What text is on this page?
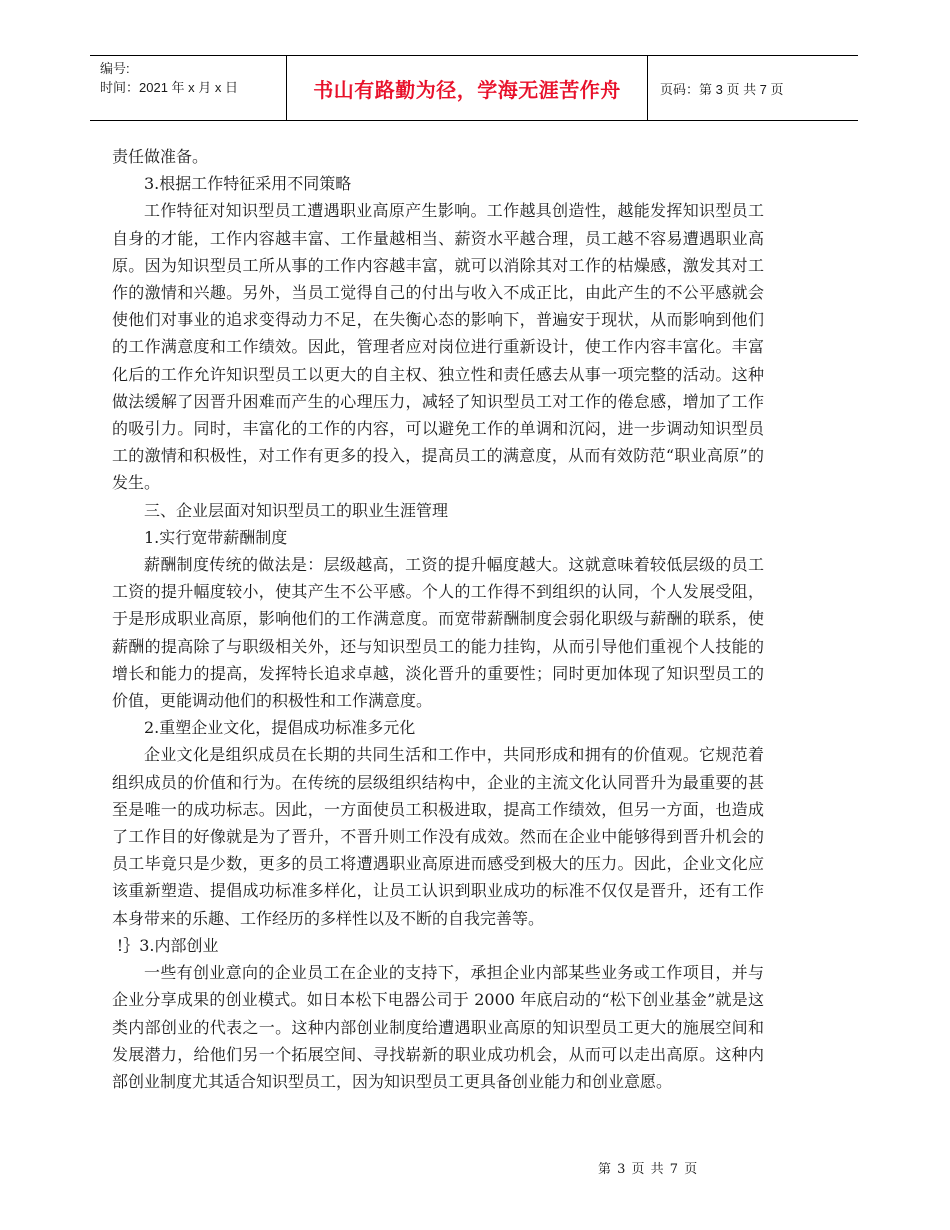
编号:
时间：2021 年 x 月 x 日	书山有路勤为径，学海无涯苦作舟	页码：第 3 页 共 7 页

责任做准备。

3.根据工作特征采用不同策略

工作特征对知识型员工遭遇职业高原产生影响。工作越具创造性，越能发挥知识型员工自身的才能，工作内容越丰富、工作量越相当、薪资水平越合理，员工越不容易遭遇职业高原。因为知识型员工所从事的工作内容越丰富，就可以消除其对工作的枯燥感，激发其对工作的激情和兴趣。另外，当员工觉得自己的付出与收入不成正比，由此产生的不公平感就会使他们对事业的追求变得动力不足，在失衡心态的影响下，普遍安于现状，从而影响到他们的工作满意度和工作绩效。因此，管理者应对岗位进行重新设计，使工作内容丰富化。丰富化后的工作允许知识型员工以更大的自主权、独立性和责任感去从事一项完整的活动。这种做法缓解了因晋升困难而产生的心理压力，减轻了知识型员工对工作的倦怠感，增加了工作的吸引力。同时，丰富化的工作的内容，可以避免工作的单调和沉闷，进一步调动知识型员工的激情和积极性，对工作有更多的投入，提高员工的满意度，从而有效防范“职业高原”的发生。

三、企业层面对知识型员工的职业生涯管理

1.实行宽带薪酬制度

薪酬制度传统的做法是：层级越高，工资的提升幅度越大。这就意味着较低层级的员工工资的提升幅度较小，使其产生不公平感。个人的工作得不到组织的认同，个人发展受阻，于是形成职业高原，影响他们的工作满意度。而宽带薪酬制度会弱化职级与薪酬的联系，使薪酬的提高除了与职级相关外，还与知识型员工的能力挂钩，从而引导他们重视个人技能的增长和能力的提高，发挥特长追求卓越，淡化晋升的重要性；同时更加体现了知识型员工的价值，更能调动他们的积极性和工作满意度。

2.重塑企业文化，提倡成功标准多元化

企业文化是组织成员在长期的共同生活和工作中，共同形成和拥有的价值观。它规范着组织成员的价值和行为。在传统的层级组织结构中，企业的主流文化认同晋升为最重要的甚至是唯一的成功标志。因此，一方面使员工积极进取，提高工作绩效，但另一方面，也造成了工作目的好像就是为了晋升，不晋升则工作没有成效。然而在企业中能够得到晋升机会的员工毕竟只是少数，更多的员工将遭遇职业高原进而感受到极大的压力。因此，企业文化应该重新塑造、提倡成功标准多样化，让员工认识到职业成功的标准不仅仅是晋升，还有工作本身带来的乐趣、工作经历的多样性以及不断的自我完善等。

!｝3.内部创业

一些有创业意向的企业员工在企业的支持下，承担企业内部某些业务或工作项目，并与企业分享成果的创业模式。如日本松下电器公司于 2000 年底启动的“松下创业基金”就是这类内部创业的代表之一。这种内部创业制度给遭遇职业高原的知识型员工更大的施展空间和发展潜力，给他们另一个拓展空间、寻找崭新的职业成功机会，从而可以走出高原。这种内部创业制度尤其适合知识型员工，因为知识型员工更具备创业能力和创业意愿。

第 3 页 共 7 页
